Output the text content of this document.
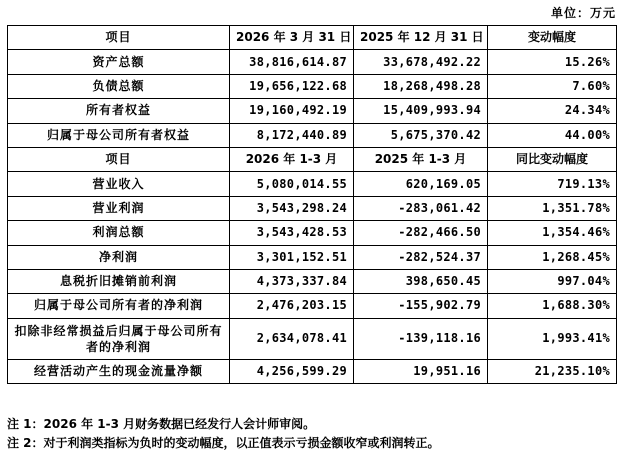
单位：万元
项目	2026 年 3 月 31 日	2025 年 12 月 31 日	变动幅度
资产总额	38,816,614.87	33,678,492.22	15.26%
负债总额	19,656,122.68	18,268,498.28	7.60%
所有者权益	19,160,492.19	15,409,993.94	24.34%
归属于母公司所有者权益	8,172,440.89	5,675,370.42	44.00%
项目	2026 年 1-3 月	2025 年 1-3 月	同比变动幅度
营业收入	5,080,014.55	620,169.05	719.13%
营业利润	3,543,298.24	-283,061.42	1,351.78%
利润总额	3,543,428.53	-282,466.50	1,354.46%
净利润	3,301,152.51	-282,524.37	1,268.45%
息税折旧摊销前利润	4,373,337.84	398,650.45	997.04%
归属于母公司所有者的净利润	2,476,203.15	-155,902.79	1,688.30%

扣除非经常损益后归属于母公司所有者的净利润	2,634,078.41	-139,118.16	1,993.41%
经营活动产生的现金流量净额	4,256,599.29	19,951.16	21,235.10%
注 1：2026 年 1-3 月财务数据已经发行人会计师审阅。
注 2：对于利润类指标为负时的变动幅度，以正值表示亏损金额收窄或利润转正。
